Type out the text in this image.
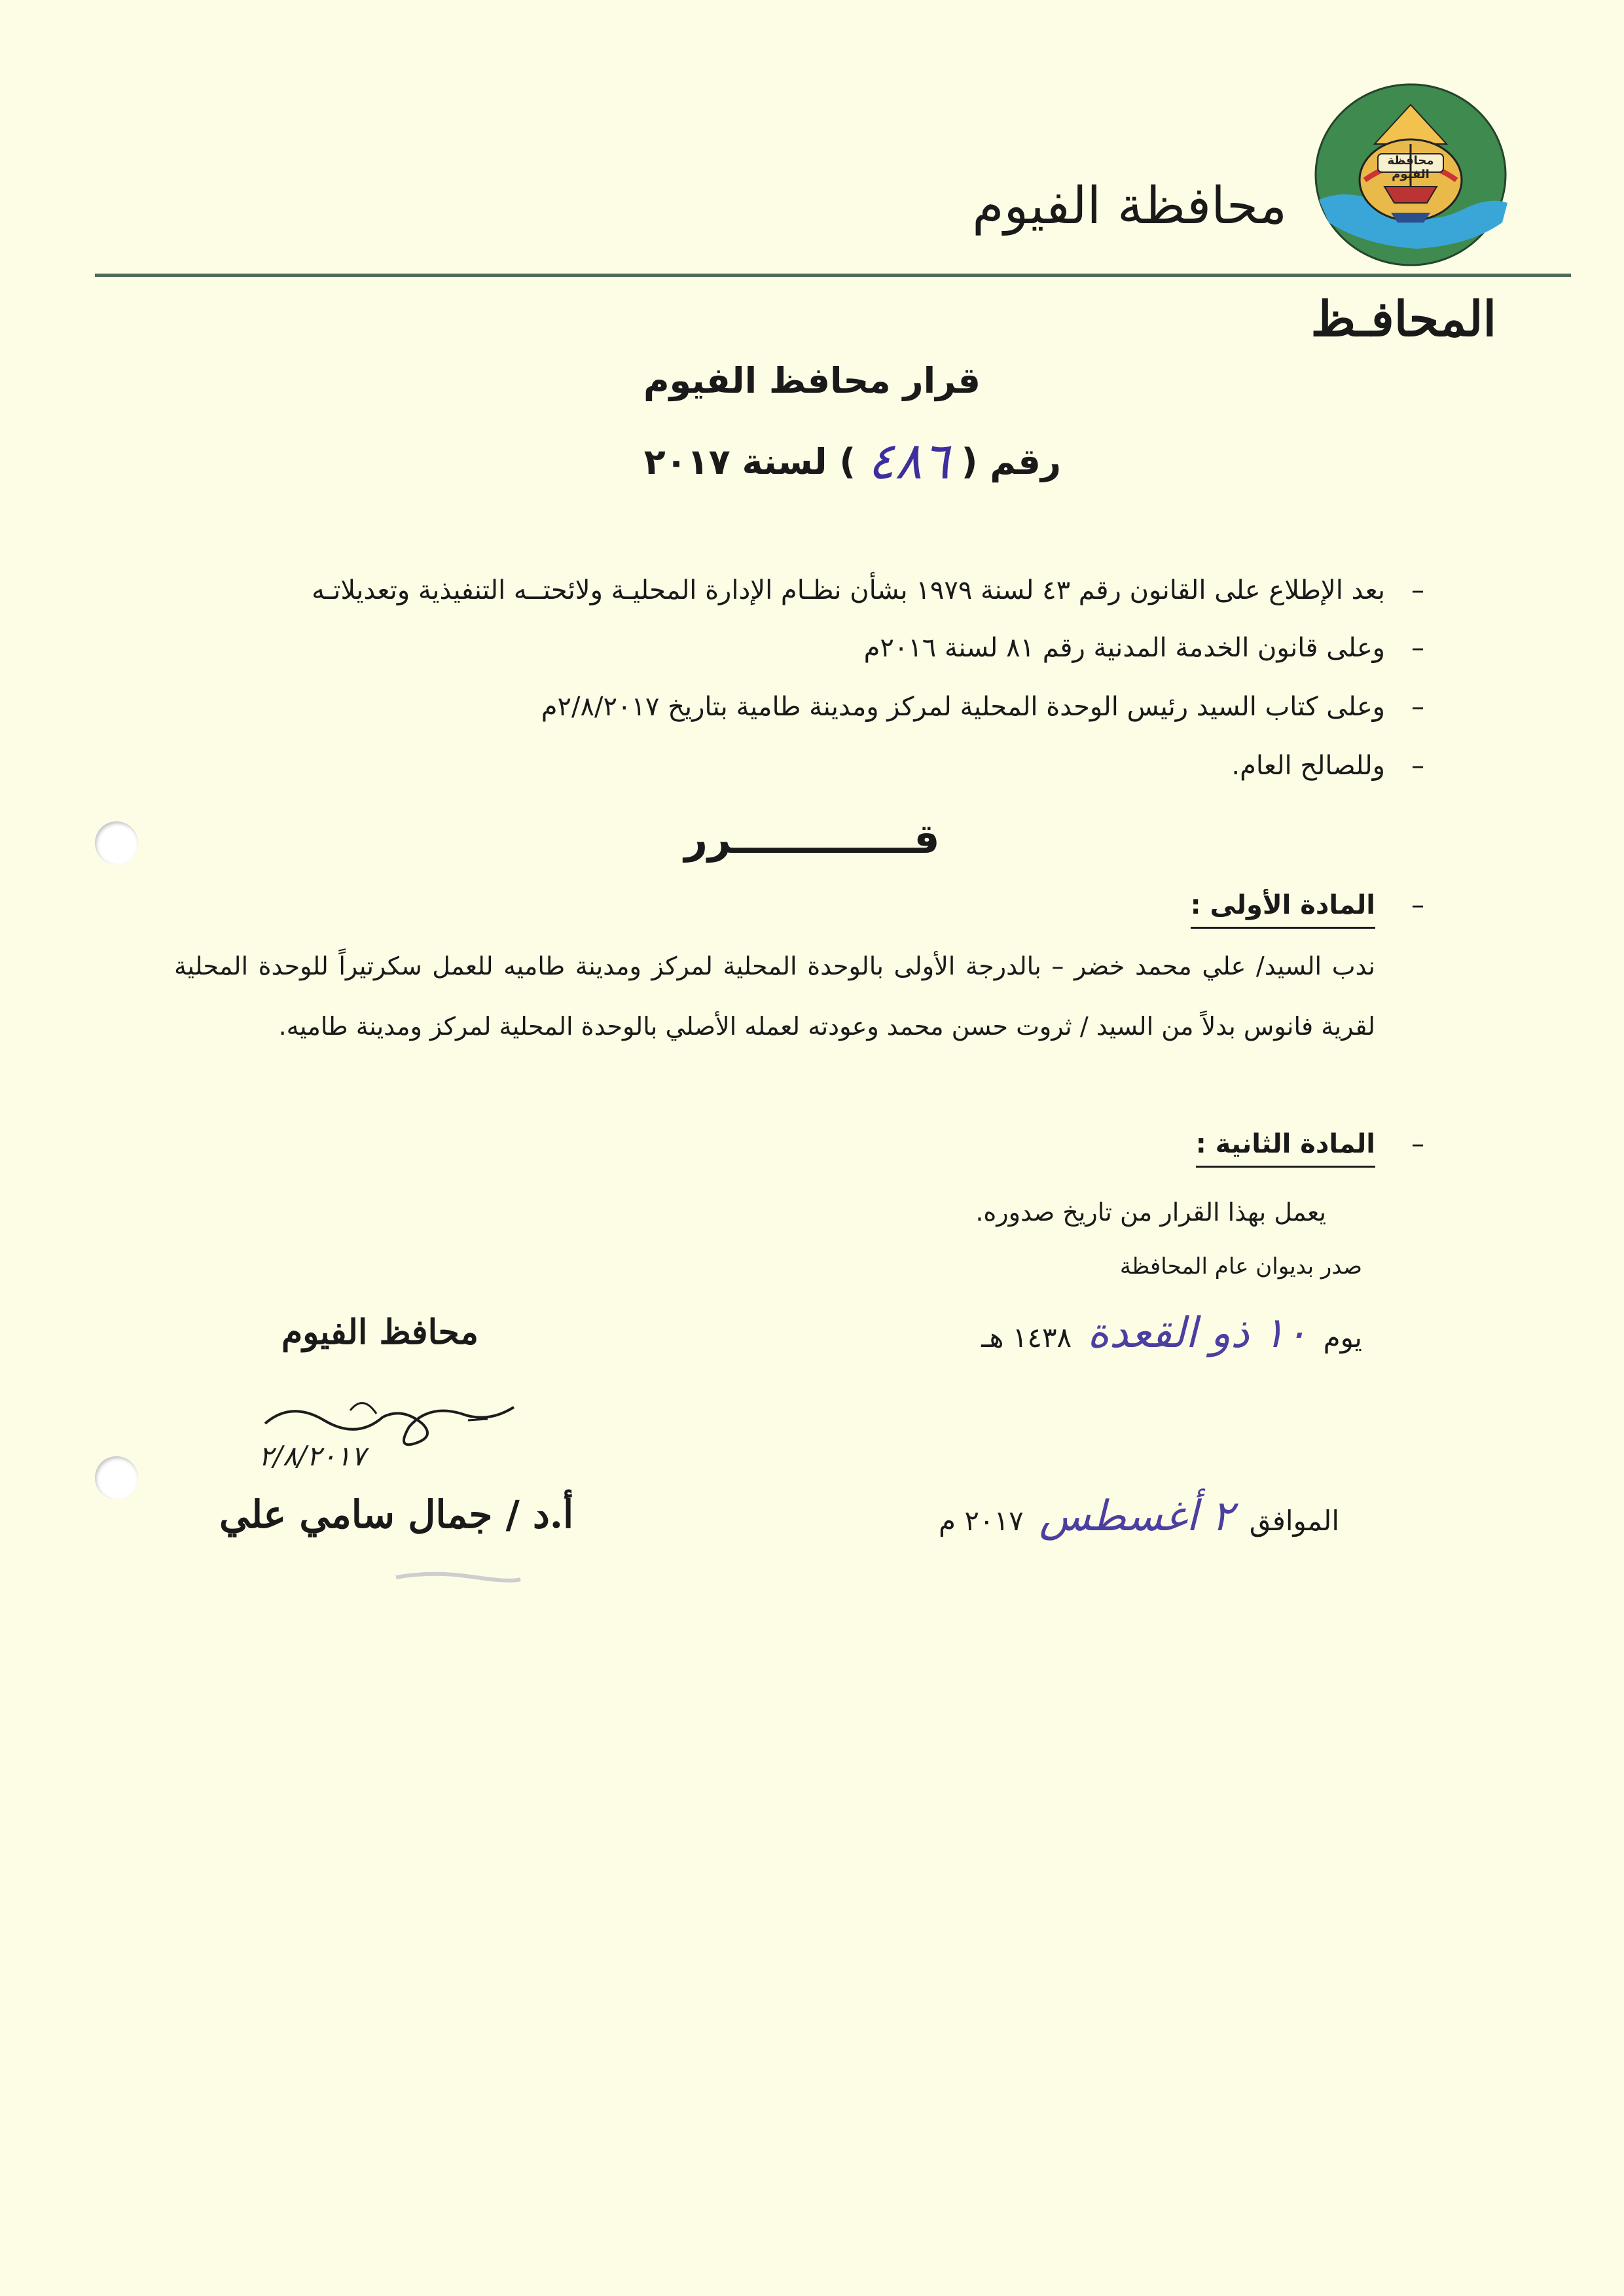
محافظة الفيوم
محافظة الفيوم
المحافـظ
قرار محافظ الفيوم
رقم (
٤٨٦
) لسنة
٢٠١٧
–بعد الإطلاع على القانون رقم ٤٣ لسنة ١٩٧٩ بشأن نظـام الإدارة المحليـة ولائحتــه التنفيذية وتعديلاتـه
–وعلى قانون الخدمة المدنية رقم ٨١ لسنة ٢٠١٦م
–وعلى كتاب السيد رئيس الوحدة المحلية لمركز ومدينة طامية بتاريخ ٢/٨/٢٠١٧م
–وللصالح العام.
قـــــــــــــرر
–
المادة الأولى :
ندب السيد/ علي محمد خضر – بالدرجة الأولى بالوحدة المحلية لمركز ومدينة طاميه للعمل سكرتيراً للوحدة المحلية لقرية فانوس بدلاً من السيد / ثروت حسن محمد وعودته لعمله الأصلي بالوحدة المحلية لمركز ومدينة طاميه.
–
المادة الثانية :
يعمل بهذا القرار من تاريخ صدوره.
صدر بديوان عام المحافظة
يوم
١٠ ذو القعدة
١٤٣٨ هـ
الموافق
٢ أغسطس
٢٠١٧ م
محافظ الفيوم
٢/٨/٢٠١٧
أ.د / جمال سامي علي
